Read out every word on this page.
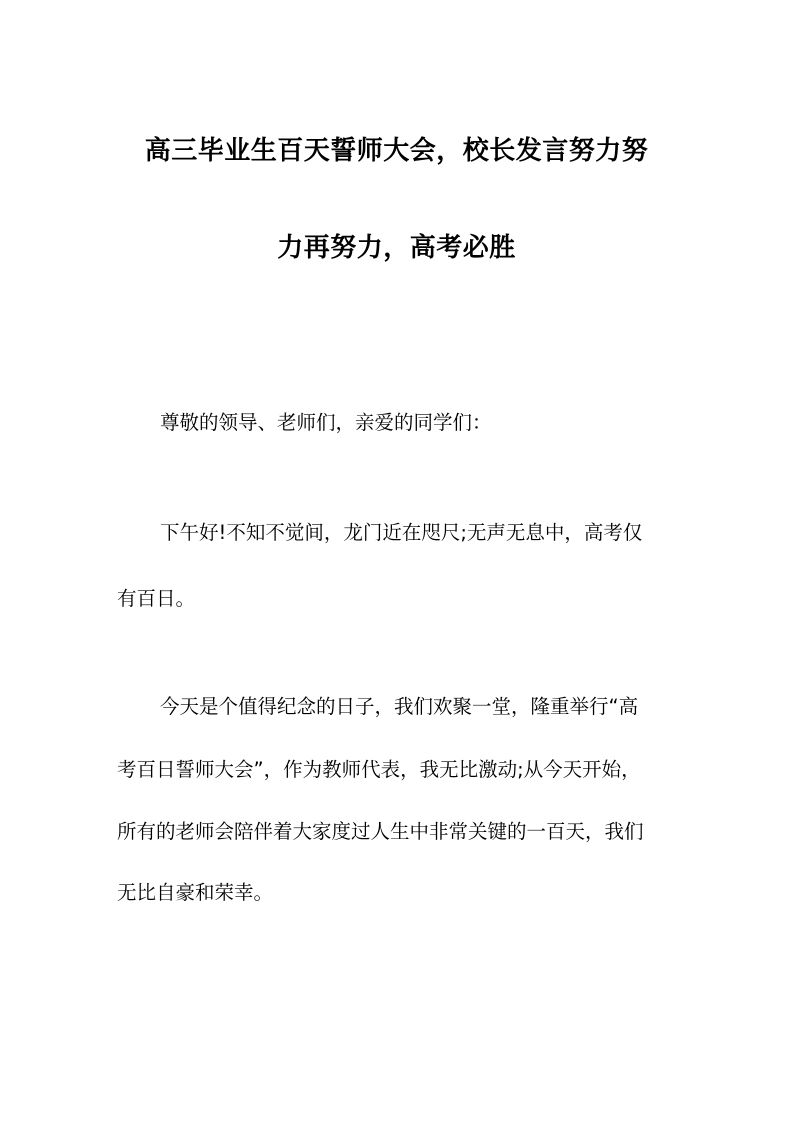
高三毕业生百天誓师大会，校长发言努力努
力再努力，高考必胜
尊敬的领导、老师们，亲爱的同学们：
下午好!不知不觉间，龙门近在咫尺;无声无息中，高考仅
有百日。
今天是个值得纪念的日子，我们欢聚一堂，隆重举行“高
考百日誓师大会”，作为教师代表，我无比激动;从今天开始，
所有的老师会陪伴着大家度过人生中非常关键的一百天，我们
无比自豪和荣幸。
